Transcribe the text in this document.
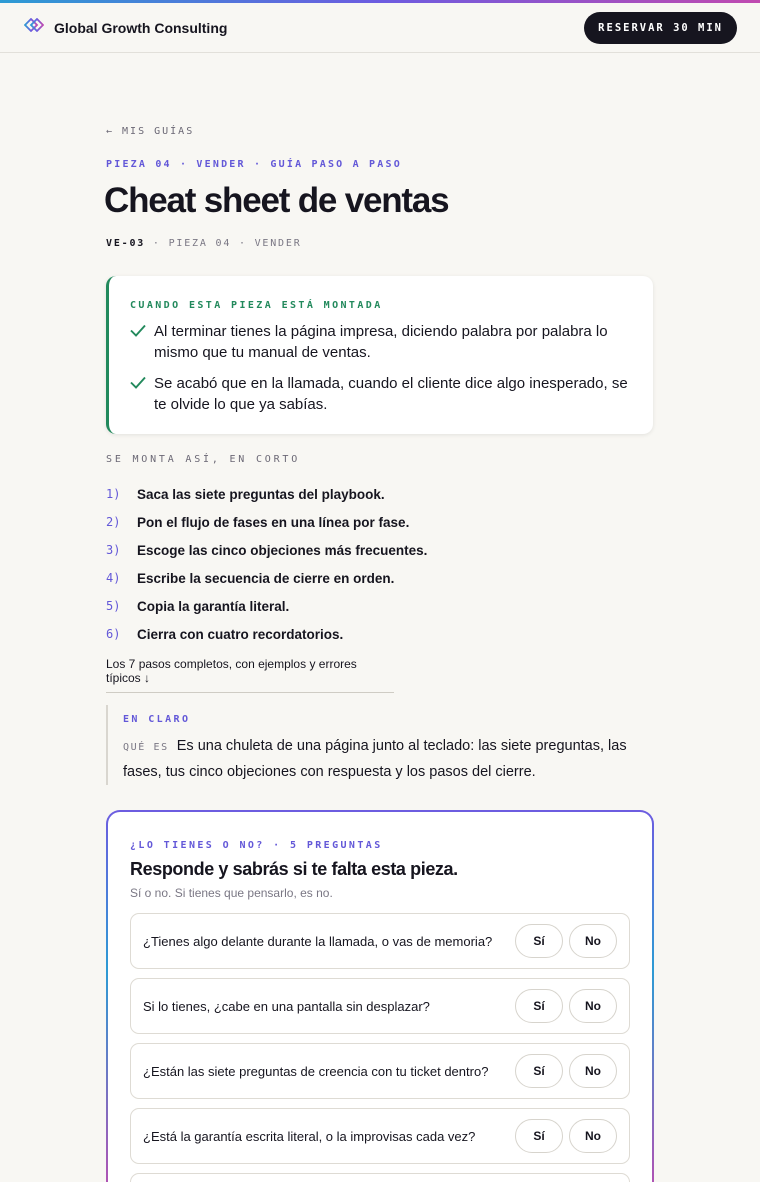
Global Growth Consulting	RESERVAR 30 MIN
← MIS GUÍAS
PIEZA 04 · VENDER · GUÍA PASO A PASO
Cheat sheet de ventas
VE-03 · PIEZA 04 · VENDER
CUANDO ESTA PIEZA ESTÁ MONTADA
Al terminar tienes la página impresa, diciendo palabra por palabra lo mismo que tu manual de ventas.
Se acabó que en la llamada, cuando el cliente dice algo inesperado, se te olvide lo que ya sabías.
SE MONTA ASÍ, EN CORTO
1)	Saca las siete preguntas del playbook.
2)	Pon el flujo de fases en una línea por fase.
3)	Escoge las cinco objeciones más frecuentes.
4)	Escribe la secuencia de cierre en orden.
5)	Copia la garantía literal.
6)	Cierra con cuatro recordatorios.
Los 7 pasos completos, con ejemplos y errores típicos ↓
EN CLARO
QUÉ ES Es una chuleta de una página junto al teclado: las siete preguntas, las fases, tus cinco objeciones con respuesta y los pasos del cierre.
¿LO TIENES O NO? · 5 PREGUNTAS
Responde y sabrás si te falta esta pieza.
Sí o no. Si tienes que pensarlo, es no.
¿Tienes algo delante durante la llamada, o vas de memoria?	Sí	No
Si lo tienes, ¿cabe en una pantalla sin desplazar?	Sí	No
¿Están las siete preguntas de creencia con tu ticket dentro?	Sí	No
¿Está la garantía escrita literal, o la improvisas cada vez?	Sí	No
